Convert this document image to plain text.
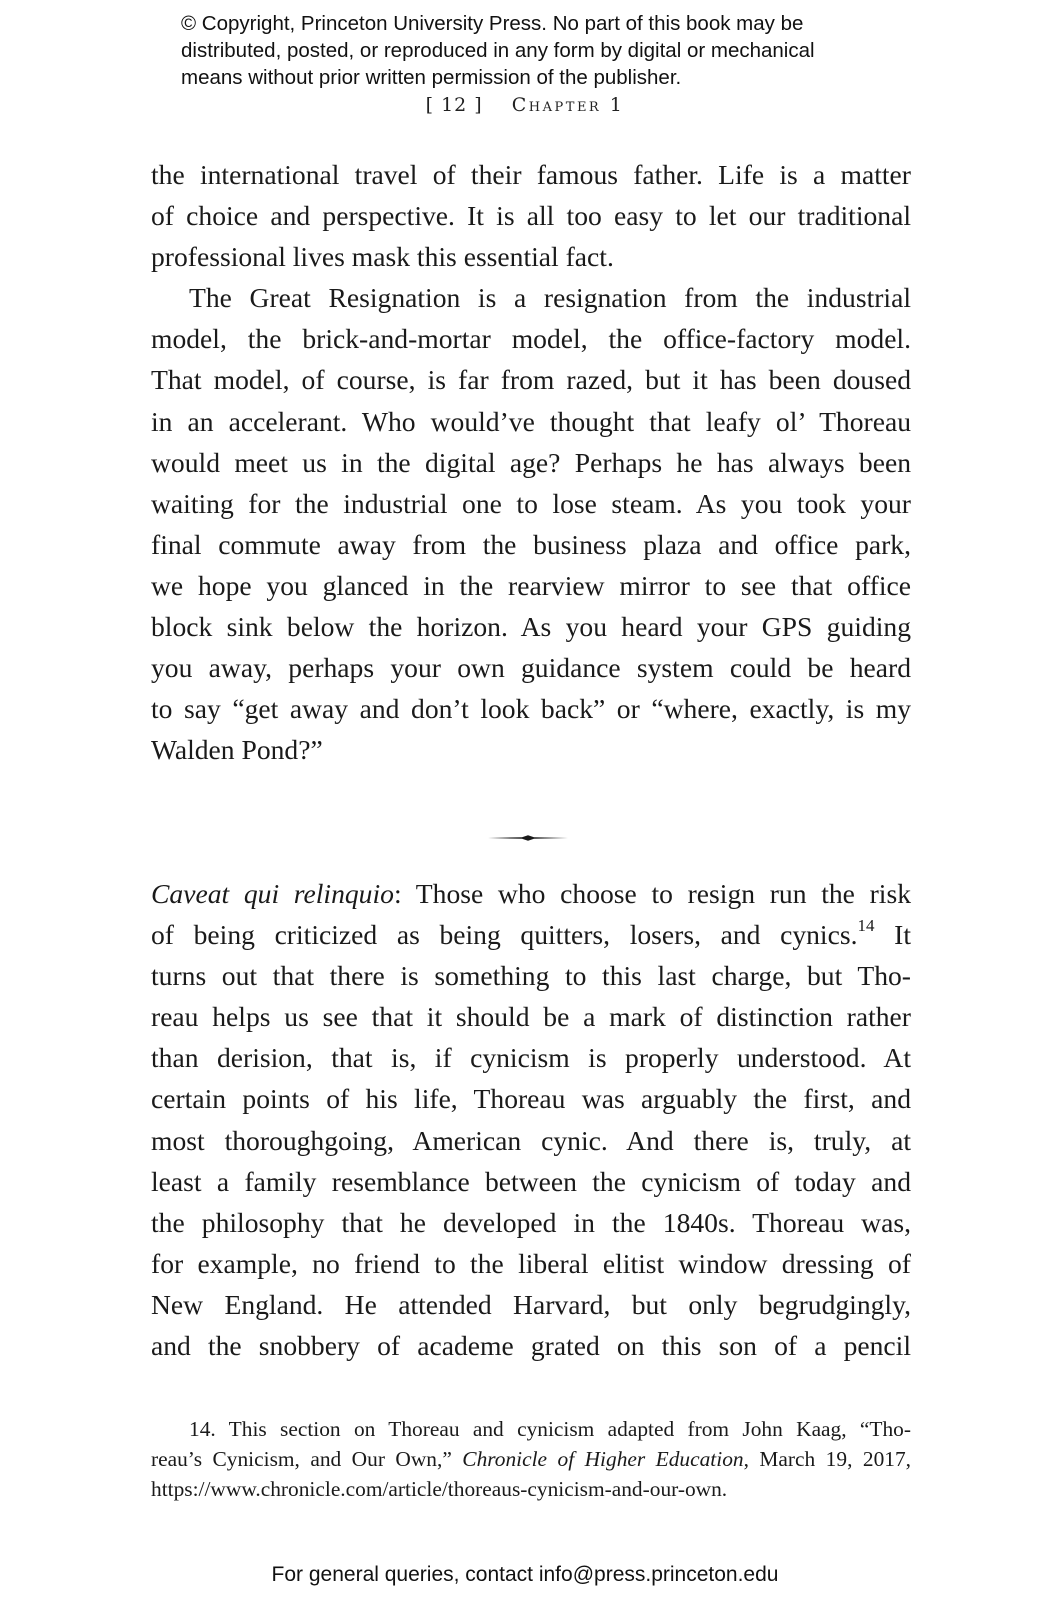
© Copyright, Princeton University Press. No part of this book may be
distributed, posted, or reproduced in any form by digital or mechanical
means without prior written permission of the publisher.
[ 12 ] Chapter 1
the international travel of their famous father. Life is a matter
of choice and perspective. It is all too easy to let our traditional
professional lives mask this essential fact.
The Great Resignation is a resignation from the industrial
model, the brick-and-mortar model, the office-factory model.
That model, of course, is far from razed, but it has been doused
in an accelerant. Who would’ve thought that leafy ol’ Thoreau
would meet us in the digital age? Perhaps he has always been
waiting for the industrial one to lose steam. As you took your
final commute away from the business plaza and office park,
we hope you glanced in the rearview mirror to see that office
block sink below the horizon. As you heard your GPS guiding
you away, perhaps your own guidance system could be heard
to say “get away and don’t look back” or “where, exactly, is my
Walden Pond?”
Caveat qui relinquio: Those who choose to resign run the risk
of being criticized as being quitters, losers, and cynics.$^{14}$ It
turns out that there is something to this last charge, but Tho-
reau helps us see that it should be a mark of distinction rather
than derision, that is, if cynicism is properly understood. At
certain points of his life, Thoreau was arguably the first, and
most thoroughgoing, American cynic. And there is, truly, at
least a family resemblance between the cynicism of today and
the philosophy that he developed in the 1840s. Thoreau was,
for example, no friend to the liberal elitist window dressing of
New England. He attended Harvard, but only begrudgingly,
and the snobbery of academe grated on this son of a pencil
14. This section on Thoreau and cynicism adapted from John Kaag, “Tho-
reau’s Cynicism, and Our Own,” Chronicle of Higher Education, March 19, 2017,
https://www.chronicle.com/article/thoreaus-cynicism-and-our-own.
For general queries, contact info@press.princeton.edu
